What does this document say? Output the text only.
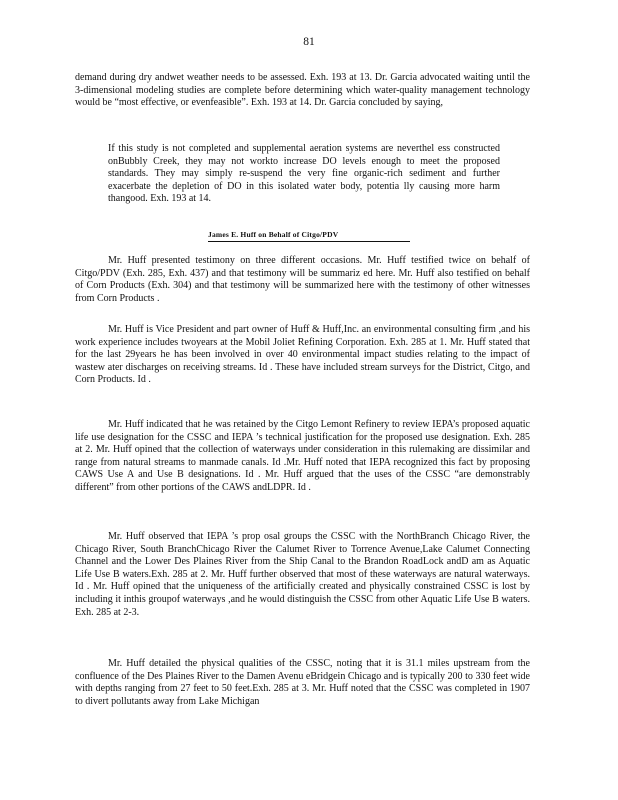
81

demand during dry andwet weather needs to be assessed. Exh. 193 at 13. Dr. Garcia advocated waiting until the 3-dimensional modeling studies are complete before determining which water-quality management technology would be “most effective, or evenfeasible”. Exh. 193 at 14. Dr. Garcia concluded by saying,

If this study is not completed and supplemental aeration systems are neverthel ess constructed onBubbly Creek, they may not workto increase DO levels enough to meet the proposed standards. They may simply re-suspend the very fine organic-rich sediment and further exacerbate the depletion of DO in this isolated water body, potentia lly causing more harm thangood. Exh. 193 at 14.

James E. Huff on Behalf of Citgo/PDV

Mr. Huff presented testimony on three different occasions. Mr. Huff testified twice on behalf of Citgo/PDV (Exh. 285, Exh. 437) and that testimony will be summariz ed here. Mr. Huff also testified on behalf of Corn Products (Exh. 304) and that testimony will be summarized here with the testimony of other witnesses from Corn Products .

Mr. Huff is Vice President and part owner of Huff & Huff,Inc. an environmental consulting firm ,and his work experience includes twoyears at the Mobil Joliet Refining Corporation. Exh. 285 at 1. Mr. Huff stated that for the last 29years he has been involved in over 40 environmental impact studies relating to the impact of wastew ater discharges on receiving streams. Id . These have included stream surveys for the District, Citgo, and Corn Products. Id .

Mr. Huff indicated that he was retained by the Citgo Lemont Refinery to review IEPA’s proposed aquatic life use designation for the CSSC and IEPA ’s technical justification for the proposed use designation. Exh. 285 at 2. Mr. Huff opined that the collection of waterways under consideration in this rulemaking are dissimilar and range from natural streams to manmade canals. Id .Mr. Huff noted that IEPA recognized this fact by proposing CAWS Use A and Use B designations. Id . Mr. Huff argued that the uses of the CSSC “are demonstrably different” from other portions of the CAWS andLDPR. Id .

Mr. Huff observed that IEPA ’s prop osal groups the CSSC with the NorthBranch Chicago River, the Chicago River, South BranchChicago River the Calumet River to Torrence Avenue,Lake Calumet Connecting Channel and the Lower Des Plaines River from the Ship Canal to the Brandon RoadLock andD am as Aquatic Life Use B waters.Exh. 285 at 2. Mr. Huff further observed that most of these waterways are natural waterways. Id . Mr. Huff opined that the uniqueness of the artificially created and physically constrained CSSC is lost by including it inthis groupof waterways ,and he would distinguish the CSSC from other Aquatic Life Use B waters. Exh. 285 at 2-3.

Mr. Huff detailed the physical qualities of the CSSC, noting that it is 31.1 miles upstream from the confluence of the Des Plaines River to the Damen Avenu eBridgein Chicago and is typically 200 to 330 feet wide with depths ranging from 27 feet to 50 feet.Exh. 285 at 3. Mr. Huff noted that the CSSC was completed in 1907 to divert pollutants away from Lake Michigan
